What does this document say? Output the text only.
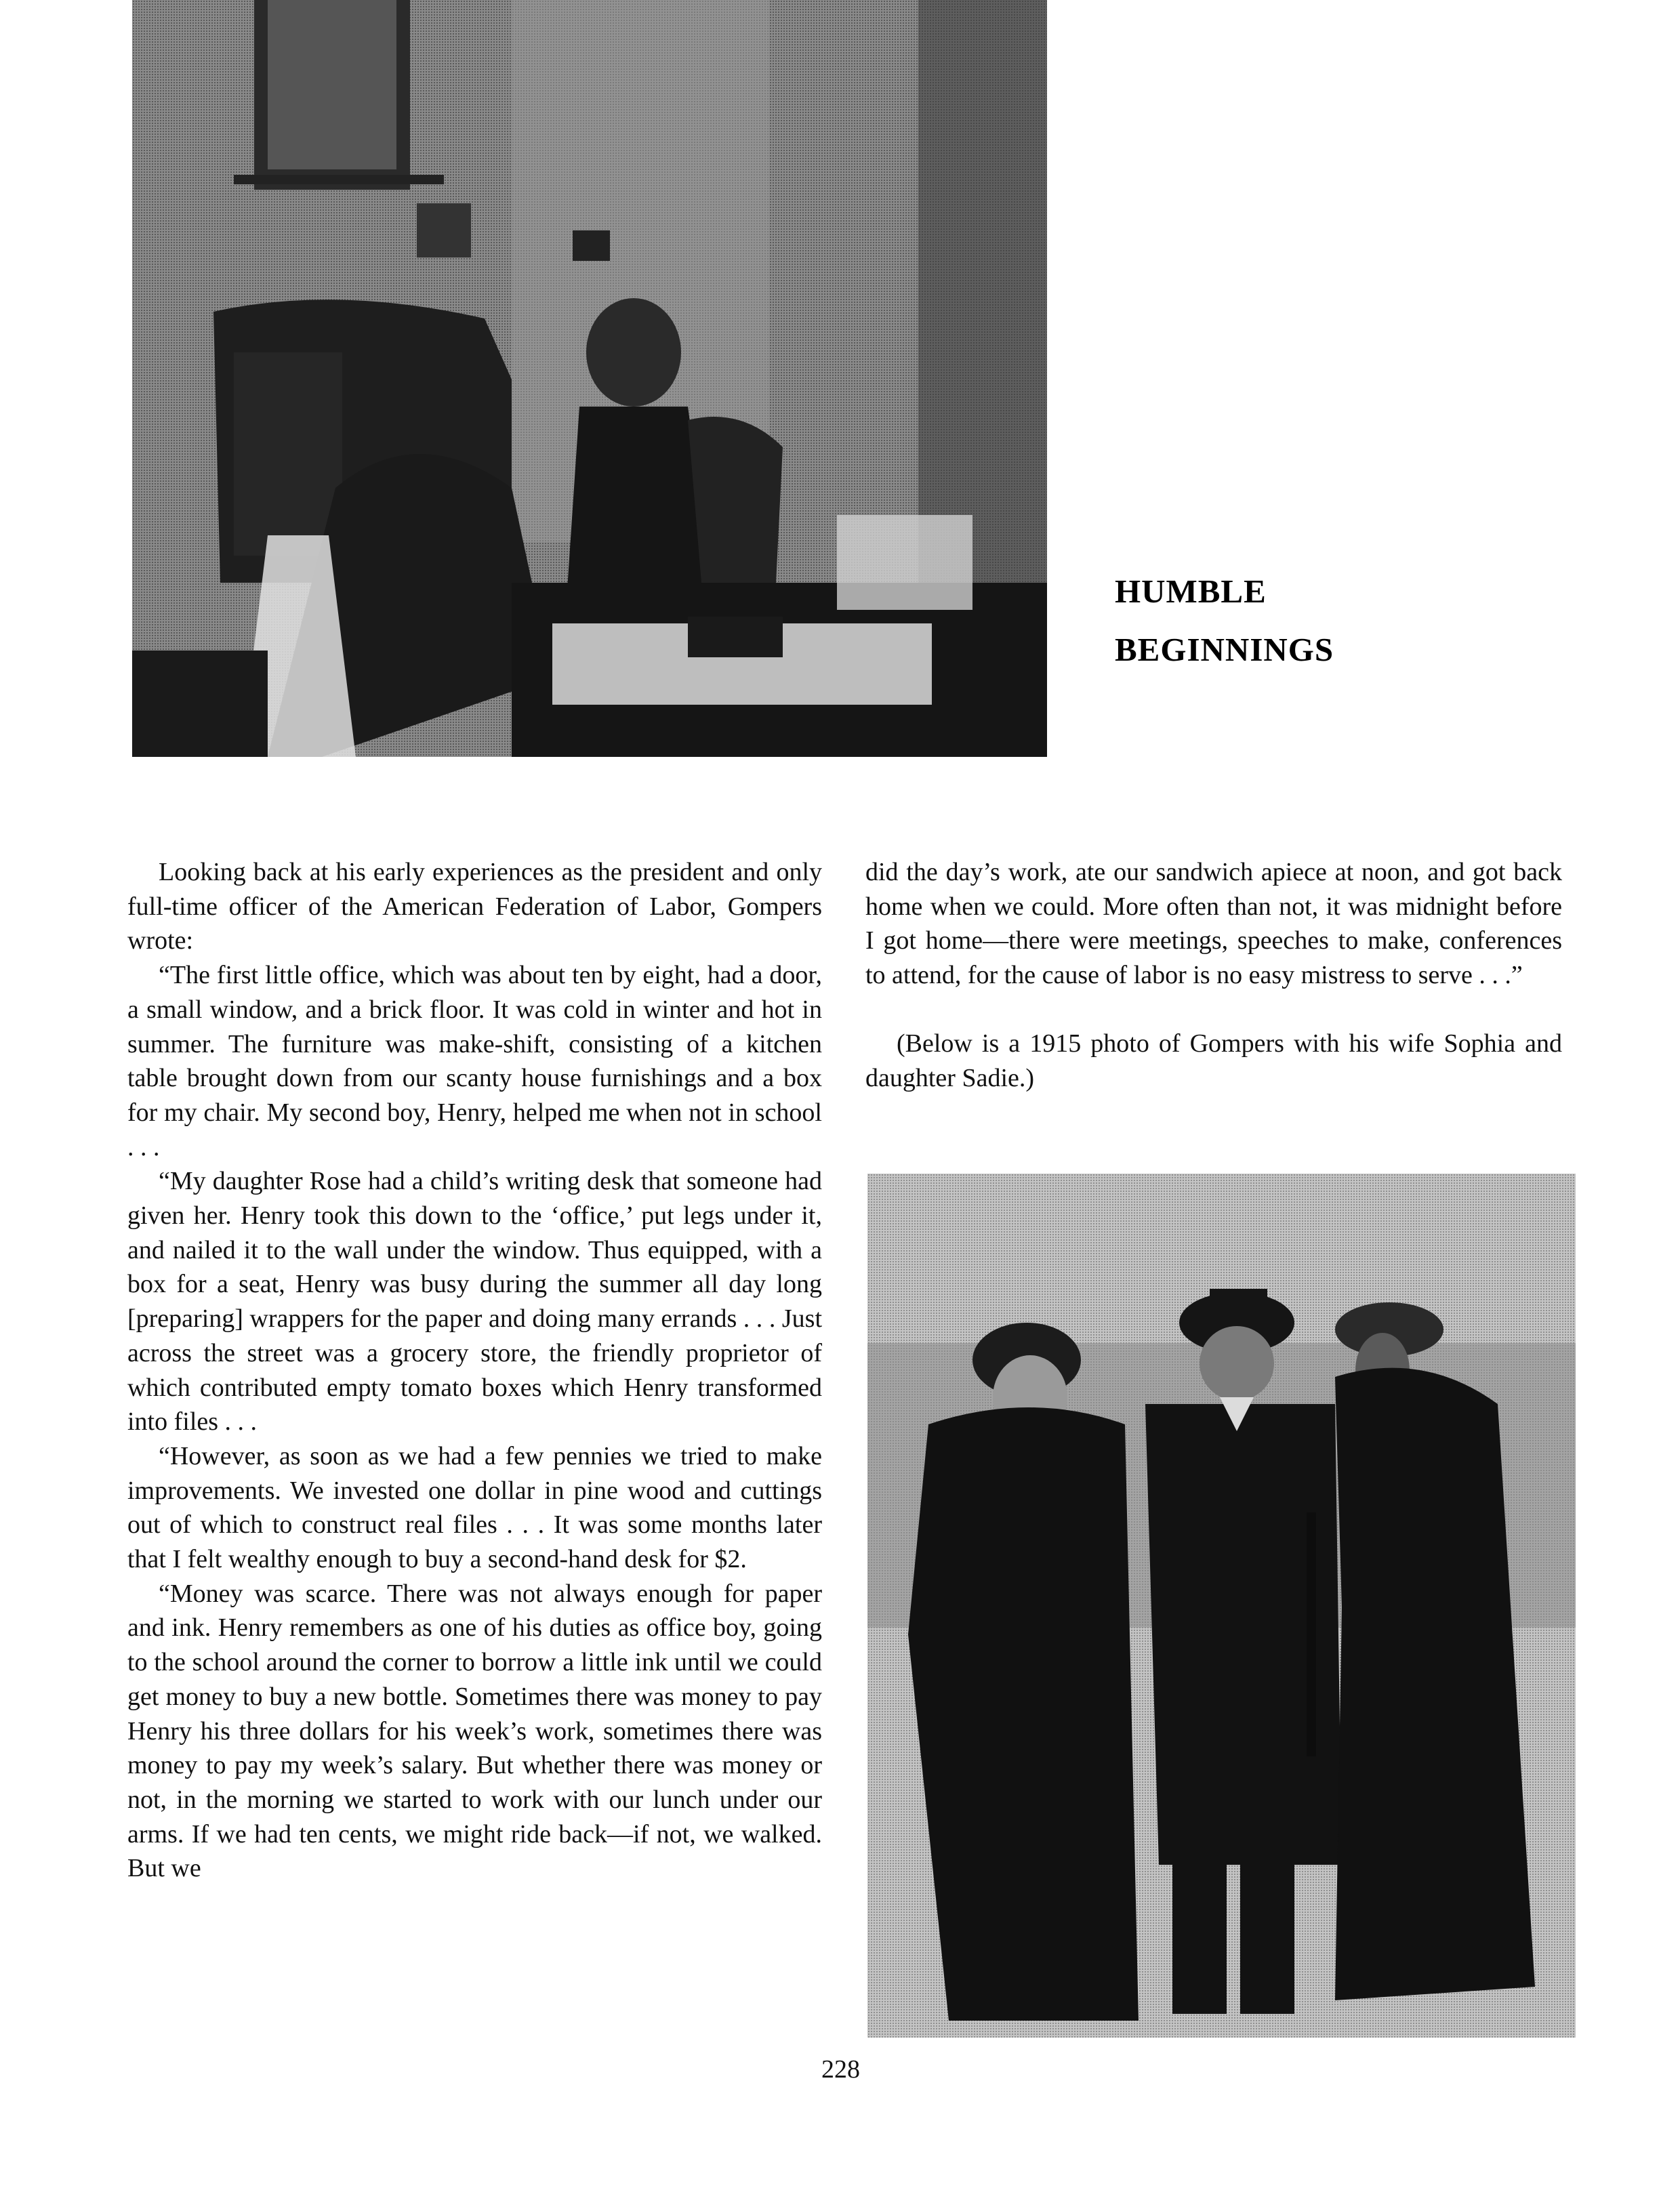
HUMBLE
BEGINNINGS

Looking back at his early experiences as the president and only full-time officer of the American Federation of Labor, Gompers wrote:

“The first little office, which was about ten by eight, had a door, a small window, and a brick floor. It was cold in winter and hot in summer. The furniture was make-shift, consisting of a kitchen table brought down from our scanty house furnishings and a box for my chair. My second boy, Henry, helped me when not in school . . .

“My daughter Rose had a child’s writing desk that someone had given her. Henry took this down to the ‘office,’ put legs under it, and nailed it to the wall under the window. Thus equipped, with a box for a seat, Henry was busy during the summer all day long [preparing] wrappers for the paper and doing many errands . . . Just across the street was a grocery store, the friendly proprietor of which contributed empty tomato boxes which Henry transformed into files . . .

“However, as soon as we had a few pennies we tried to make improvements. We invested one dollar in pine wood and cuttings out of which to construct real files . . . It was some months later that I felt wealthy enough to buy a second-hand desk for $2.

“Money was scarce. There was not always enough for paper and ink. Henry remembers as one of his duties as office boy, going to the school around the corner to borrow a little ink until we could get money to buy a new bottle. Sometimes there was money to pay Henry his three dollars for his week’s work, sometimes there was money to pay my week’s salary. But whether there was money or not, in the morning we started to work with our lunch under our arms. If we had ten cents, we might ride back—if not, we walked. But we

did the day’s work, ate our sandwich apiece at noon, and got back home when we could. More often than not, it was midnight before I got home—there were meetings, speeches to make, conferences to attend, for the cause of labor is no easy mistress to serve . . .”

(Below is a 1915 photo of Gompers with his wife Sophia and daughter Sadie.)

228
